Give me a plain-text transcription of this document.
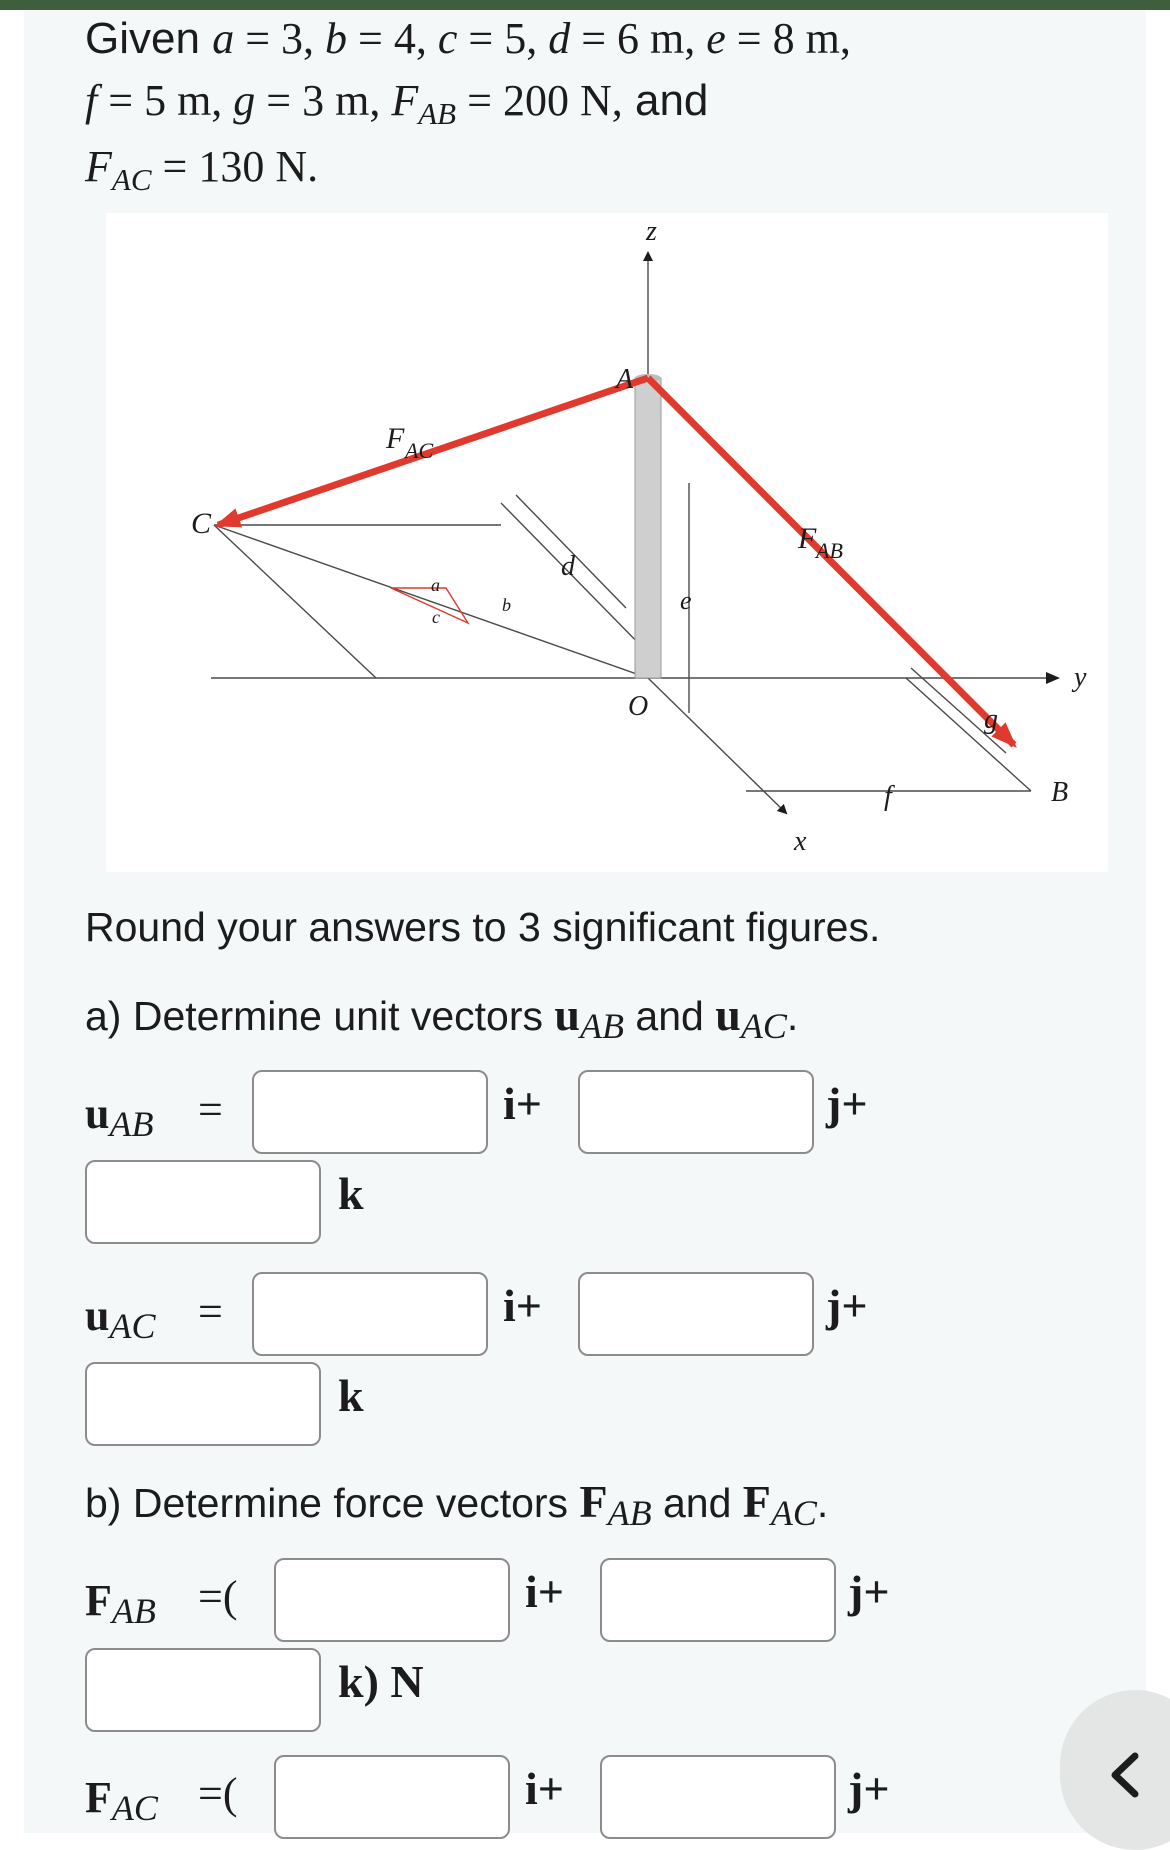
Given a = 3, b = 4, c = 5, d = 6 m, e = 8 m,
f = 5 m, g = 3 m, $F_{AB} = 200$ N, and
$F_{AC} = 130$ N.
z
A
F AC
C	F AB
d
a
b
c
e
y
O	g
f	B
x
Round your answers to 3 significant figures.
a) Determine unit vectors uAB and uAC.
uAB =	i+	j+
k
uAC =	i+	j+
k
b) Determine force vectors FAB and FAC.
FAB =(	i+	j+
k) N
FAC =(	i+	j+
